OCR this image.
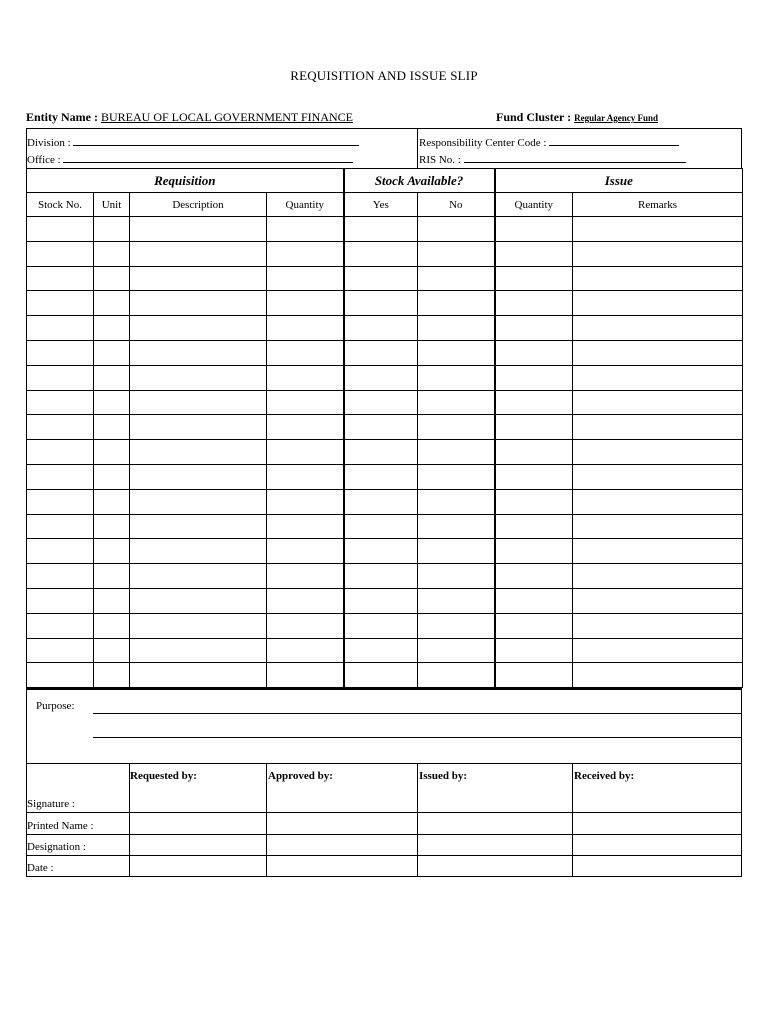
REQUISITION AND ISSUE SLIP
Entity Name : BUREAU OF LOCAL GOVERNMENT FINANCE	Fund Cluster : Regular Agency Fund
Division :
Office :
Responsibility Center Code :
RIS No. :
Requisition				Stock Available?		Issue	
Stock No.	Unit	Description	Quantity	Yes	No	Quantity	Remarks

Purpose:
Requested by:	Approved by:	Issued by:	Received by:
Signature :
Printed Name :
Designation :
Date :
